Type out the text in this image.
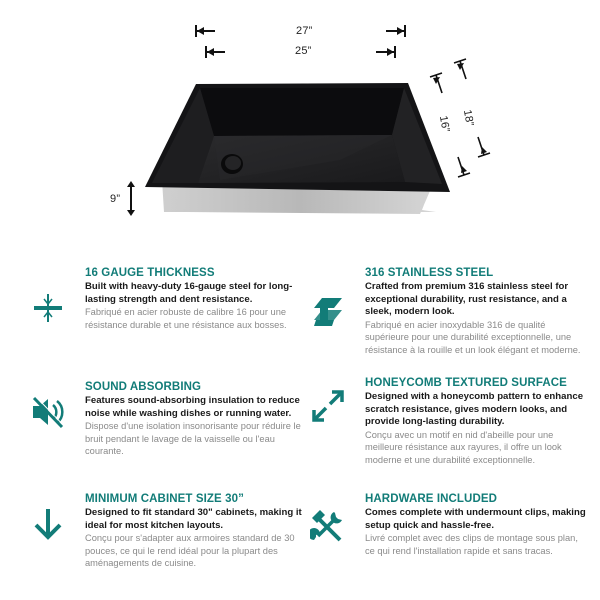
27”
25”
18”
16”
9”
16 GAUGE THICKNESS

Built with heavy-duty 16-gauge steel for long-lasting strength and dent resistance.

Fabriqué en acier robuste de calibre 16 pour une résistance durable et une résistance aux bosses.

316 STAINLESS STEEL

Crafted from premium 316 stainless steel for exceptional durability, rust resistance, and a sleek, modern look.

Fabriqué en acier inoxydable 316 de qualité supérieure pour une durabilité exceptionnelle, une résistance à la rouille et un look élégant et moderne.

SOUND ABSORBING

Features sound-absorbing insulation to reduce noise while washing dishes or running water.

Dispose d'une isolation insonorisante pour réduire le bruit pendant le lavage de la vaisselle ou l'eau courante.

HONEYCOMB TEXTURED SURFACE

Designed with a honeycomb pattern to enhance scratch resistance, gives modern looks, and provide long-lasting durability.

Conçu avec un motif en nid d'abeille pour une meilleure résistance aux rayures, il offre un look moderne et une durabilité exceptionnelle.

MINIMUM CABINET SIZE 30”

Designed to fit standard 30" cabinets, making it ideal for most kitchen layouts.

Conçu pour s'adapter aux armoires standard de 30 pouces, ce qui le rend idéal pour la plupart des aménagements de cuisine.

HARDWARE INCLUDED

Comes complete with undermount clips, making setup quick and hassle-free.

Livré complet avec des clips de montage sous plan, ce qui rend l'installation rapide et sans tracas.
